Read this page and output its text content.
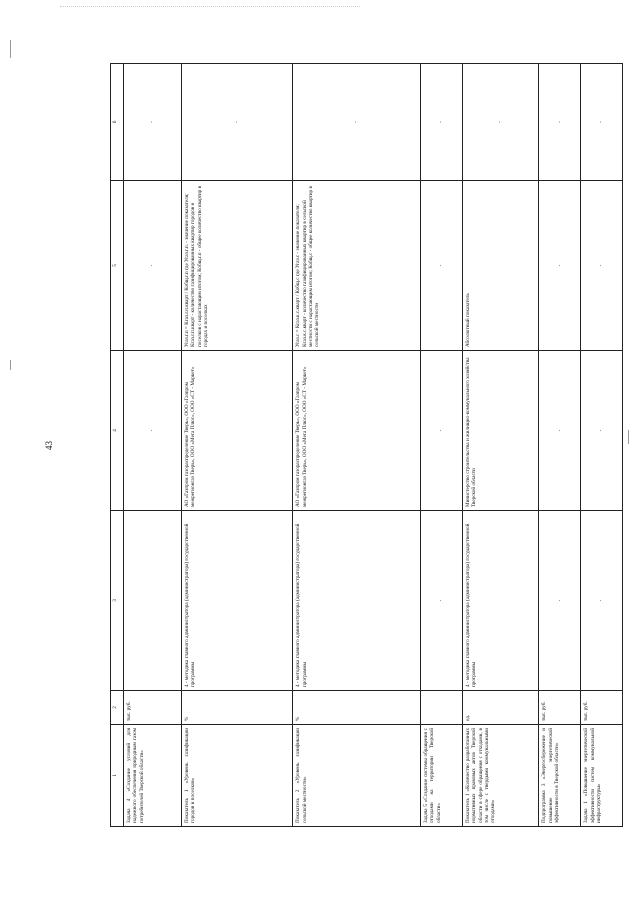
43
1	2	3	4	5	6
Задача 4 «Создание условий для надежного обеспечения природным газом потребителей Тверской области»	тыс. руб.		-	-	-
Показатель 1 «Уровень газификации городов и поселков»	%	4 - методика главного администратора (администратора) государственной программы	АО «Газпром газораспределение Тверь», ООО «Газпром межрегионгаз Тверь», ООО «Мега Плюс», ООО «СТ - Маркет»	Угаз.г.п = Кгаз.г.п.кварт / Кобщ.г.п где Угаз.г.п. - значение показателя; Кгаз.г.п.кварт - количество газифицированных квартир городов и поселков с нарастающим итогом; Кобщ.г.п - общее количество квартир в городах и поселках	-
Показатель 2 «Уровень газификации сельской местности»	%	4 - методика главного администратора (администратора) государственной программы	АО «Газпром газораспределение Тверь», ООО «Газпром межрегионгаз Тверь», ООО «Мега Плюс», ООО «СТ - Маркет»	Угаз.с = Кгаз.к.с.кварт / Кобщ.с где Угаз.с - значение показателя; Кгаз.к.с.кварт - количество газифицированных квартир в сельской местности с нарастающим итогом; Кобщ.с - общее количество квартир в сельской местности	-
Задача 5 «Создание системы обращения с отходами на территории Тверской области»		-	-	-	-
Показатель 1 «Количество разработанных нормативных правовых актов Тверской области в сфере обращения с отходами, в том числе с твердыми коммунальными отходами»	ед.	4 - методика главного администратора (администратора) государственной программы	Министерство строительства и жилищно-коммунального хозяйства Тверской области	Абсолютный показатель	-
Подпрограмма 3 «Энергосбережение и повышение энергетической эффективности в Тверской области»	тыс. руб.	-	-	-	-
Задача 1 «Повышение энергетической эффективности систем коммунальной инфраструктуры»	тыс. руб.	-	-	-	-
